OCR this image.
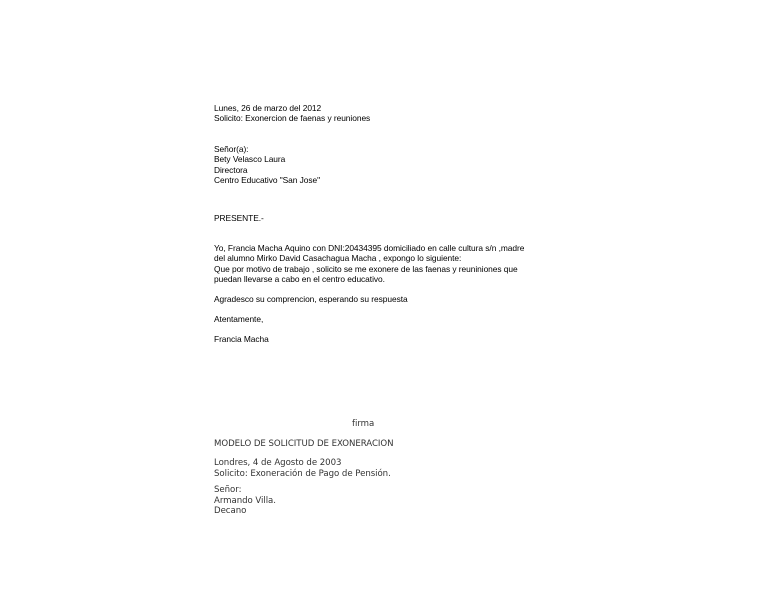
Lunes, 26 de marzo del 2012
Solicito: Exonercion de faenas y reuniones
Señor(a):
Bety Velasco Laura
Directora
Centro Educativo "San Jose"
PRESENTE.-
Yo, Francia Macha Aquino con DNI:20434395 domiciliado en calle cultura s/n ,madre
del alumno Mirko David Casachagua Macha , expongo lo siguiente:
Que por motivo de trabajo , solicito se me exonere de las faenas y reuniniones que
puedan llevarse a cabo en el centro educativo.
Agradesco su comprencion, esperando su respuesta
Atentamente,
Francia Macha
firma
MODELO DE SOLICITUD DE EXONERACION
Londres, 4 de Agosto de 2003
Solicito: Exoneración de Pago de Pensión.
Señor:
Armando Villa.
Decano
